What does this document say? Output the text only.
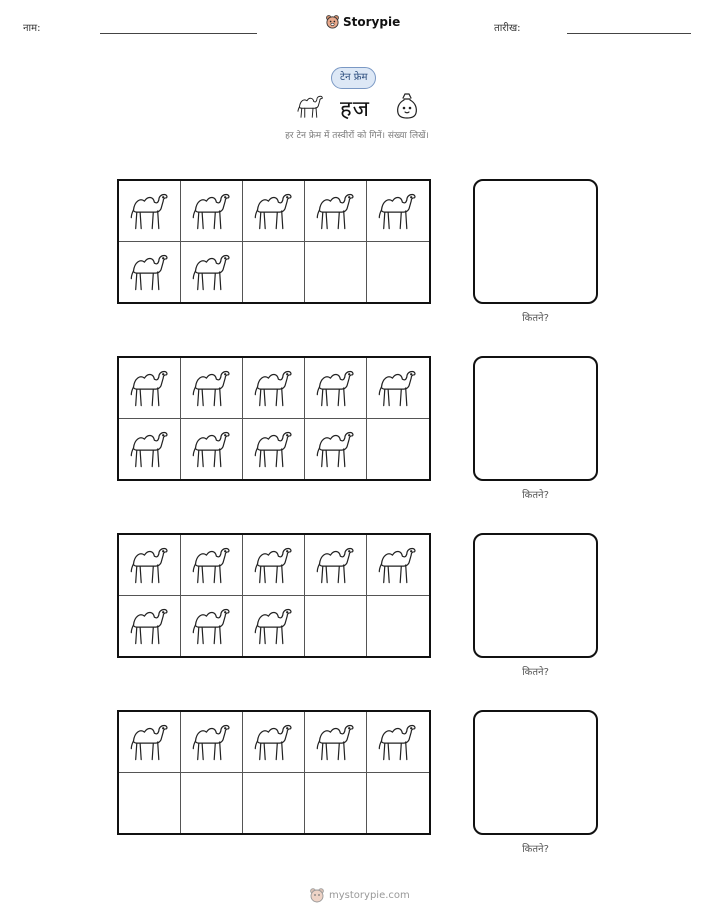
नाम:	Storypie	तारीख:
टेन फ्रेम
हज
हर टेन फ्रेम में तस्वीरों को गिनें। संख्या लिखें।
कितने?
कितने?
कितने?
कितने?
mystorypie.com
